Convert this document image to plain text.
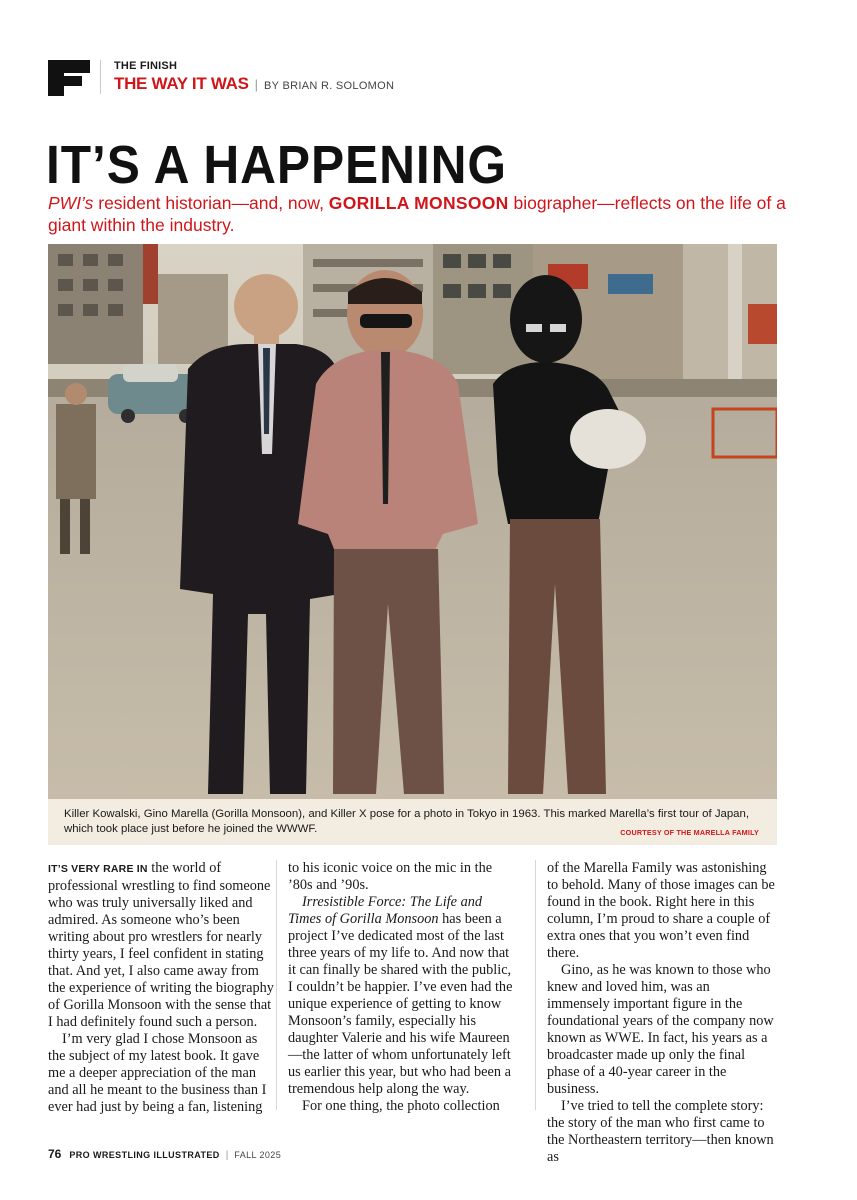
THE FINISH
THE WAY IT WAS | BY BRIAN R. SOLOMON
IT’S A HAPPENING
PWI’s resident historian—and, now, GORILLA MONSOON biographer—reflects on the life of a giant within the industry.

Killer Kowalski, Gino Marella (Gorilla Monsoon), and Killer X pose for a photo in Tokyo in 1963. This marked Marella’s first tour of Japan, which took place just before he joined the WWWF.	COURTESY OF THE MARELLA FAMILY

IT’S VERY RARE IN the world of professional wrestling to find someone who was truly universally liked and admired. As someone who’s been writing about pro wrestlers for nearly thirty years, I feel confident in stating that. And yet, I also came away from the experience of writing the biography of Gorilla Monsoon with the sense that I had definitely found such a person.

I’m very glad I chose Monsoon as the subject of my latest book. It gave me a deeper appreciation of the man and all he meant to the business than I ever had just by being a fan, listening

to his iconic voice on the mic in the ’80s and ’90s.

Irresistible Force: The Life and Times of Gorilla Monsoon has been a project I’ve dedicated most of the last three years of my life to. And now that it can finally be shared with the public, I couldn’t be happier. I’ve even had the unique experience of getting to know Monsoon’s family, especially his daughter Valerie and his wife Maureen—the latter of whom unfortunately left us earlier this year, but who had been a tremendous help along the way.

For one thing, the photo collection

of the Marella Family was astonishing to behold. Many of those images can be found in the book. Right here in this column, I’m proud to share a couple of extra ones that you won’t even find there.

Gino, as he was known to those who knew and loved him, was an immensely important figure in the foundational years of the company now known as WWE. In fact, his years as a broadcaster made up only the final phase of a 40-year career in the business.

I’ve tried to tell the complete story: the story of the man who first came to the Northeastern territory—then known as

76 PRO WRESTLING ILLUSTRATED | FALL 2025
